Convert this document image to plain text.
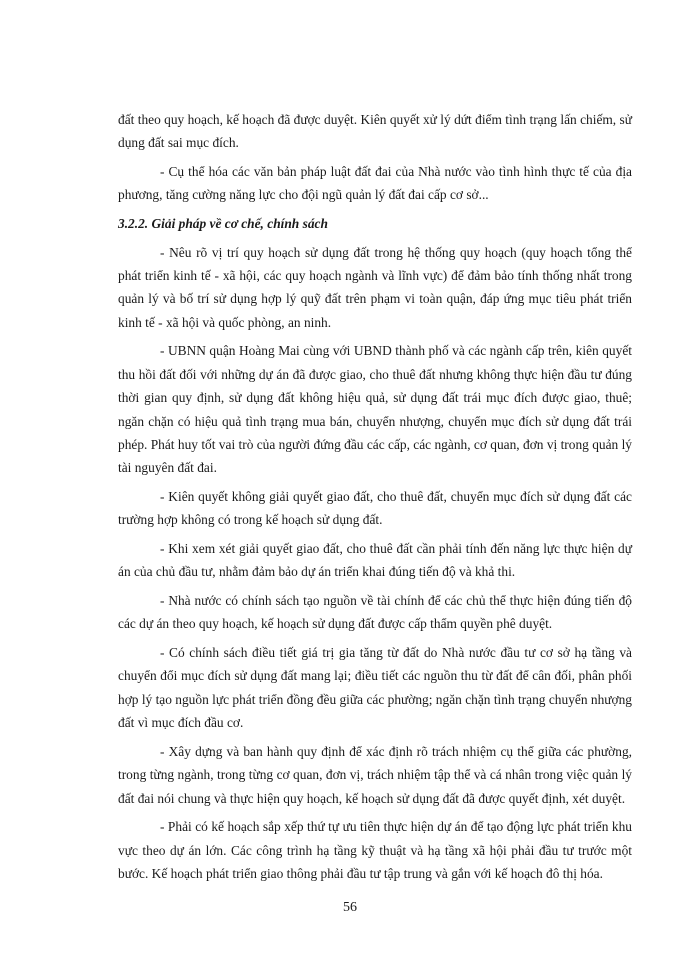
đất theo quy hoạch, kế hoạch đã được duyệt. Kiên quyết xử lý dứt điểm tình trạng lấn chiếm, sử dụng đất sai mục đích.

- Cụ thể hóa các văn bản pháp luật đất đai của Nhà nước vào tình hình thực tế của địa phương, tăng cường năng lực cho đội ngũ quản lý đất đai cấp cơ sở...

3.2.2. Giải pháp về cơ chế, chính sách

- Nêu rõ vị trí quy hoạch sử dụng đất trong hệ thống quy hoạch (quy hoạch tổng thể phát triển kinh tế - xã hội, các quy hoạch ngành và lĩnh vực) để đảm bảo tính thống nhất trong quản lý và bố trí sử dụng hợp lý quỹ đất trên phạm vi toàn quận, đáp ứng mục tiêu phát triển kinh tế - xã hội và quốc phòng, an ninh.

- UBNN quận Hoàng Mai cùng với UBND thành phố và các ngành cấp trên, kiên quyết thu hồi đất đối với những dự án đã được giao, cho thuê đất nhưng không thực hiện đầu tư đúng thời gian quy định, sử dụng đất không hiệu quả, sử dụng đất trái mục đích được giao, thuê; ngăn chặn có hiệu quả tình trạng mua bán, chuyển nhượng, chuyển mục đích sử dụng đất trái phép. Phát huy tốt vai trò của người đứng đầu các cấp, các ngành, cơ quan, đơn vị trong quản lý tài nguyên đất đai.

- Kiên quyết không giải quyết giao đất, cho thuê đất, chuyển mục đích sử dụng đất các trường hợp không có trong kế hoạch sử dụng đất.

- Khi xem xét giải quyết giao đất, cho thuê đất cần phải tính đến năng lực thực hiện dự án của chủ đầu tư, nhằm đảm bảo dự án triển khai đúng tiến độ và khả thi.

- Nhà nước có chính sách tạo nguồn về tài chính để các chủ thể thực hiện đúng tiến độ các dự án theo quy hoạch, kế hoạch sử dụng đất được cấp thẩm quyền phê duyệt.

- Có chính sách điều tiết giá trị gia tăng từ đất do Nhà nước đầu tư cơ sở hạ tầng và chuyển đổi mục đích sử dụng đất mang lại; điều tiết các nguồn thu từ đất để cân đối, phân phối hợp lý tạo nguồn lực phát triển đồng đều giữa các phường; ngăn chặn tình trạng chuyển nhượng đất vì mục đích đầu cơ.

- Xây dựng và ban hành quy định để xác định rõ trách nhiệm cụ thể giữa các phường, trong từng ngành, trong từng cơ quan, đơn vị, trách nhiệm tập thể và cá nhân trong việc quản lý đất đai nói chung và thực hiện quy hoạch, kế hoạch sử dụng đất đã được quyết định, xét duyệt.

- Phải có kế hoạch sắp xếp thứ tự ưu tiên thực hiện dự án để tạo động lực phát triển khu vực theo dự án lớn. Các công trình hạ tầng kỹ thuật và hạ tầng xã hội phải đầu tư trước một bước. Kế hoạch phát triển giao thông phải đầu tư tập trung và gắn với kế hoạch đô thị hóa.

56
